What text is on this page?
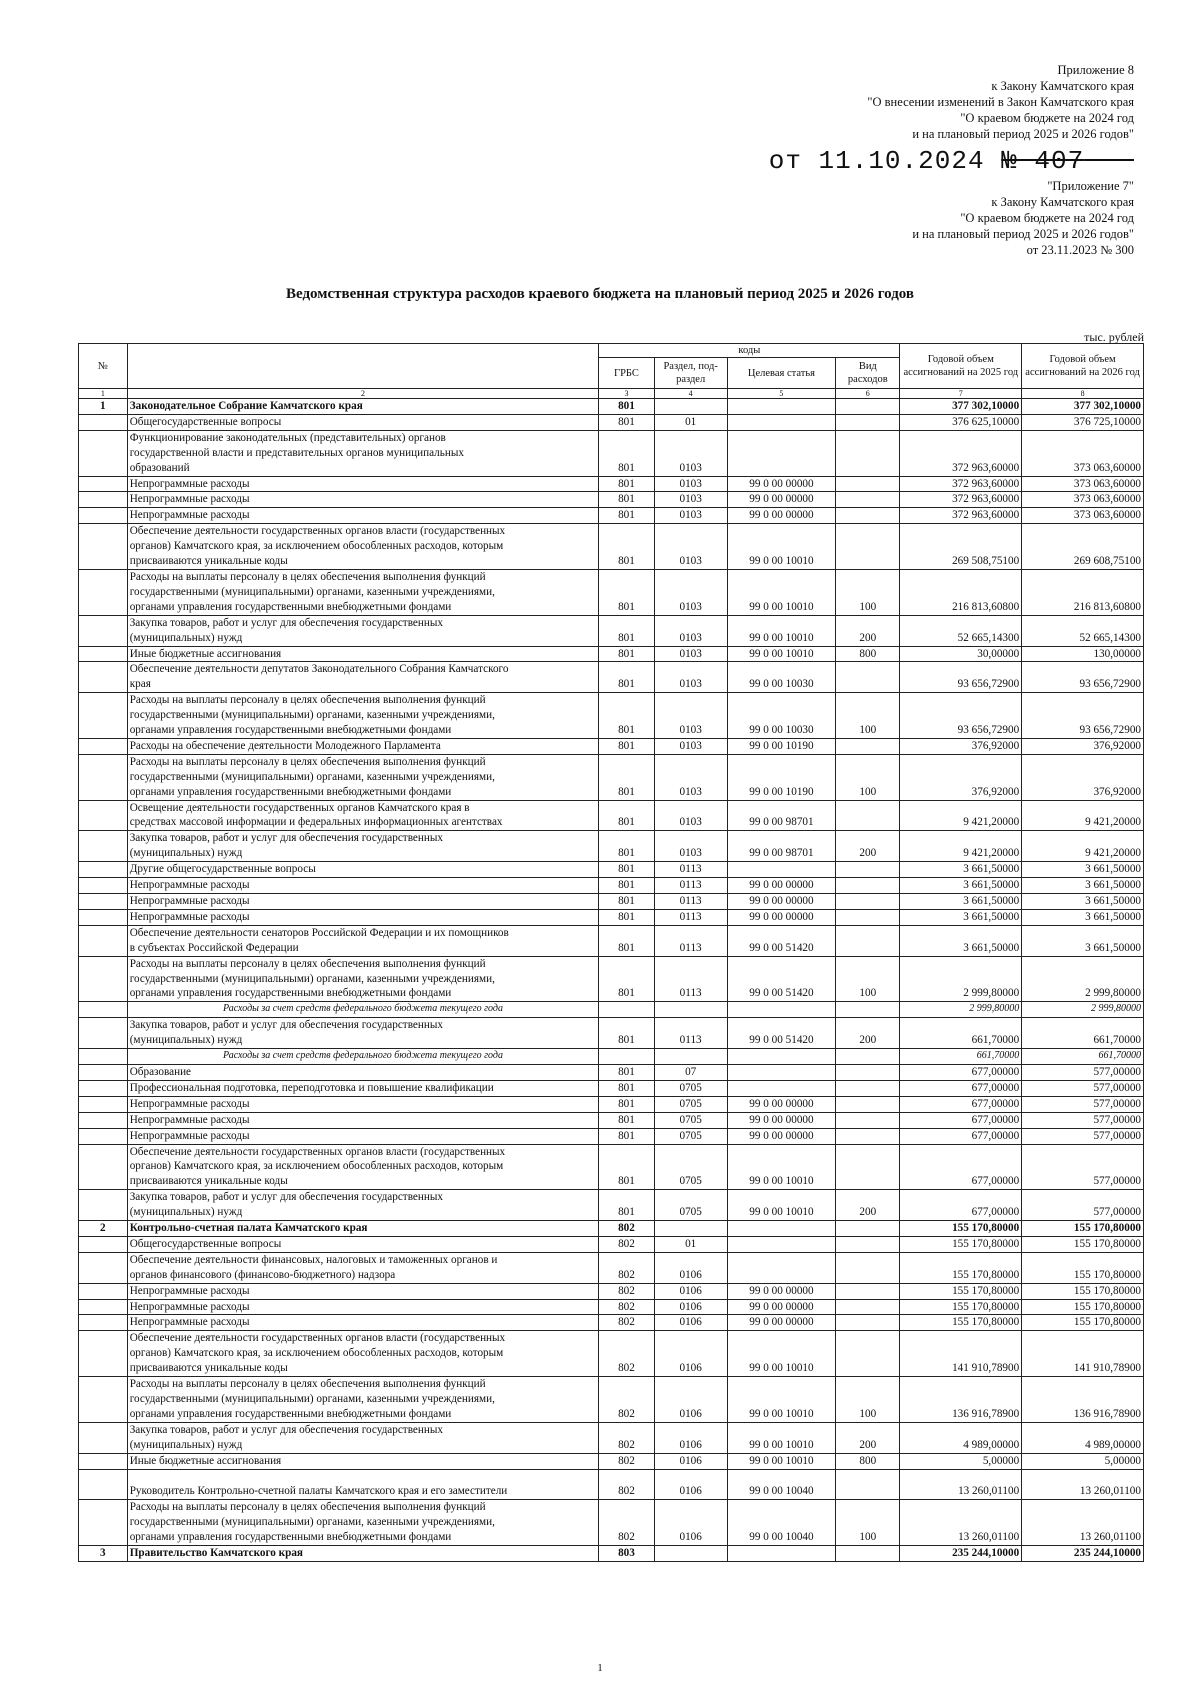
Приложение 8
к Закону Камчатского края
"О внесении изменений в Закон Камчатского края
"О краевом бюджете на 2024 год
и на плановый период 2025 и 2026 годов"
от 11.10.2024 № 407
"Приложение 7"
к Закону Камчатского края
"О краевом бюджете на 2024 год
и на плановый период 2025 и 2026 годов"
от 23.11.2023 № 300
Ведомственная структура расходов краевого бюджета на плановый период 2025 и 2026 годов
тыс. рублей
№		коды				Годовой объем ассигнований на 2025 год	Годовой объем ассигнований на 2026 год
		ГРБС	Раздел, под-раздел	Целевая статья	Вид расходов		
1	2	3	4	5	6	7	8
1	Законодательное Собрание Камчатского края	801				377 302,10000	377 302,10000

	Общегосударственные вопросы	801	01			376 625,10000	376 725,10000

	Функционирование законодательных (представительных) органов
государственной власти и представительных органов муниципальных
образований	801	0103			372 963,60000	373 063,60000

	Непрограммные расходы	801	0103	99 0 00 00000		372 963,60000	373 063,60000

	Непрограммные расходы	801	0103	99 0 00 00000		372 963,60000	373 063,60000

	Непрограммные расходы	801	0103	99 0 00 00000		372 963,60000	373 063,60000

	Обеспечение деятельности государственных органов власти (государственных
органов) Камчатского края, за исключением обособленных расходов, которым
присваиваются уникальные коды	801	0103	99 0 00 10010		269 508,75100	269 608,75100

	Расходы на выплаты персоналу в целях обеспечения выполнения функций
государственными (муниципальными) органами, казенными учреждениями,
органами управления государственными внебюджетными фондами	801	0103	99 0 00 10010	100	216 813,60800	216 813,60800

	Закупка товаров, работ и услуг для обеспечения государственных
(муниципальных) нужд	801	0103	99 0 00 10010	200	52 665,14300	52 665,14300

	Иные бюджетные ассигнования	801	0103	99 0 00 10010	800	30,00000	130,00000

	Обеспечение деятельности депутатов Законодательного Собрания Камчатского
края	801	0103	99 0 00 10030		93 656,72900	93 656,72900

	Расходы на выплаты персоналу в целях обеспечения выполнения функций
государственными (муниципальными) органами, казенными учреждениями,
органами управления государственными внебюджетными фондами	801	0103	99 0 00 10030	100	93 656,72900	93 656,72900

	Расходы на обеспечение деятельности Молодежного Парламента	801	0103	99 0 00 10190		376,92000	376,92000

	Расходы на выплаты персоналу в целях обеспечения выполнения функций
государственными (муниципальными) органами, казенными учреждениями,
органами управления государственными внебюджетными фондами	801	0103	99 0 00 10190	100	376,92000	376,92000

	Освещение деятельности государственных органов Камчатского края в
средствах массовой информации и федеральных информационных агентствах	801	0103	99 0 00 98701		9 421,20000	9 421,20000

	Закупка товаров, работ и услуг для обеспечения государственных
(муниципальных) нужд	801	0103	99 0 00 98701	200	9 421,20000	9 421,20000

	Другие общегосударственные вопросы	801	0113			3 661,50000	3 661,50000

	Непрограммные расходы	801	0113	99 0 00 00000		3 661,50000	3 661,50000

	Непрограммные расходы	801	0113	99 0 00 00000		3 661,50000	3 661,50000

	Непрограммные расходы	801	0113	99 0 00 00000		3 661,50000	3 661,50000

	Обеспечение деятельности сенаторов Российской Федерации и их помощников
в субъектах Российской Федерации	801	0113	99 0 00 51420		3 661,50000	3 661,50000

	Расходы на выплаты персоналу в целях обеспечения выполнения функций
государственными (муниципальными) органами, казенными учреждениями,
органами управления государственными внебюджетными фондами	801	0113	99 0 00 51420	100	2 999,80000	2 999,80000

	Расходы за счет средств федерального бюджета текущего года					2 999,80000	2 999,80000

	Закупка товаров, работ и услуг для обеспечения государственных
(муниципальных) нужд	801	0113	99 0 00 51420	200	661,70000	661,70000

	Расходы за счет средств федерального бюджета текущего года					661,70000	661,70000

	Образование	801	07			677,00000	577,00000

	Профессиональная подготовка, переподготовка и повышение квалификации	801	0705			677,00000	577,00000

	Непрограммные расходы	801	0705	99 0 00 00000		677,00000	577,00000

	Непрограммные расходы	801	0705	99 0 00 00000		677,00000	577,00000

	Непрограммные расходы	801	0705	99 0 00 00000		677,00000	577,00000

	Обеспечение деятельности государственных органов власти (государственных
органов) Камчатского края, за исключением обособленных расходов, которым
присваиваются уникальные коды	801	0705	99 0 00 10010		677,00000	577,00000

	Закупка товаров, работ и услуг для обеспечения государственных
(муниципальных) нужд	801	0705	99 0 00 10010	200	677,00000	577,00000
2	Контрольно-счетная палата Камчатского края	802				155 170,80000	155 170,80000

	Общегосударственные вопросы	802	01			155 170,80000	155 170,80000

	Обеспечение деятельности финансовых, налоговых и таможенных органов и
органов финансового (финансово-бюджетного) надзора	802	0106			155 170,80000	155 170,80000

	Непрограммные расходы	802	0106	99 0 00 00000		155 170,80000	155 170,80000

	Непрограммные расходы	802	0106	99 0 00 00000		155 170,80000	155 170,80000

	Непрограммные расходы	802	0106	99 0 00 00000		155 170,80000	155 170,80000

	Обеспечение деятельности государственных органов власти (государственных
органов) Камчатского края, за исключением обособленных расходов, которым
присваиваются уникальные коды	802	0106	99 0 00 10010		141 910,78900	141 910,78900

	Расходы на выплаты персоналу в целях обеспечения выполнения функций
государственными (муниципальными) органами, казенными учреждениями,
органами управления государственными внебюджетными фондами	802	0106	99 0 00 10010	100	136 916,78900	136 916,78900

	Закупка товаров, работ и услуг для обеспечения государственных
(муниципальных) нужд	802	0106	99 0 00 10010	200	4 989,00000	4 989,00000

	Иные бюджетные ассигнования	802	0106	99 0 00 10010	800	5,00000	5,00000

	Руководитель Контрольно-счетной палаты Камчатского края и его заместители	802	0106	99 0 00 10040		13 260,01100	13 260,01100

	Расходы на выплаты персоналу в целях обеспечения выполнения функций
государственными (муниципальными) органами, казенными учреждениями,
органами управления государственными внебюджетными фондами	802	0106	99 0 00 10040	100	13 260,01100	13 260,01100
3	Правительство Камчатского края	803				235 244,10000	235 244,10000
1
